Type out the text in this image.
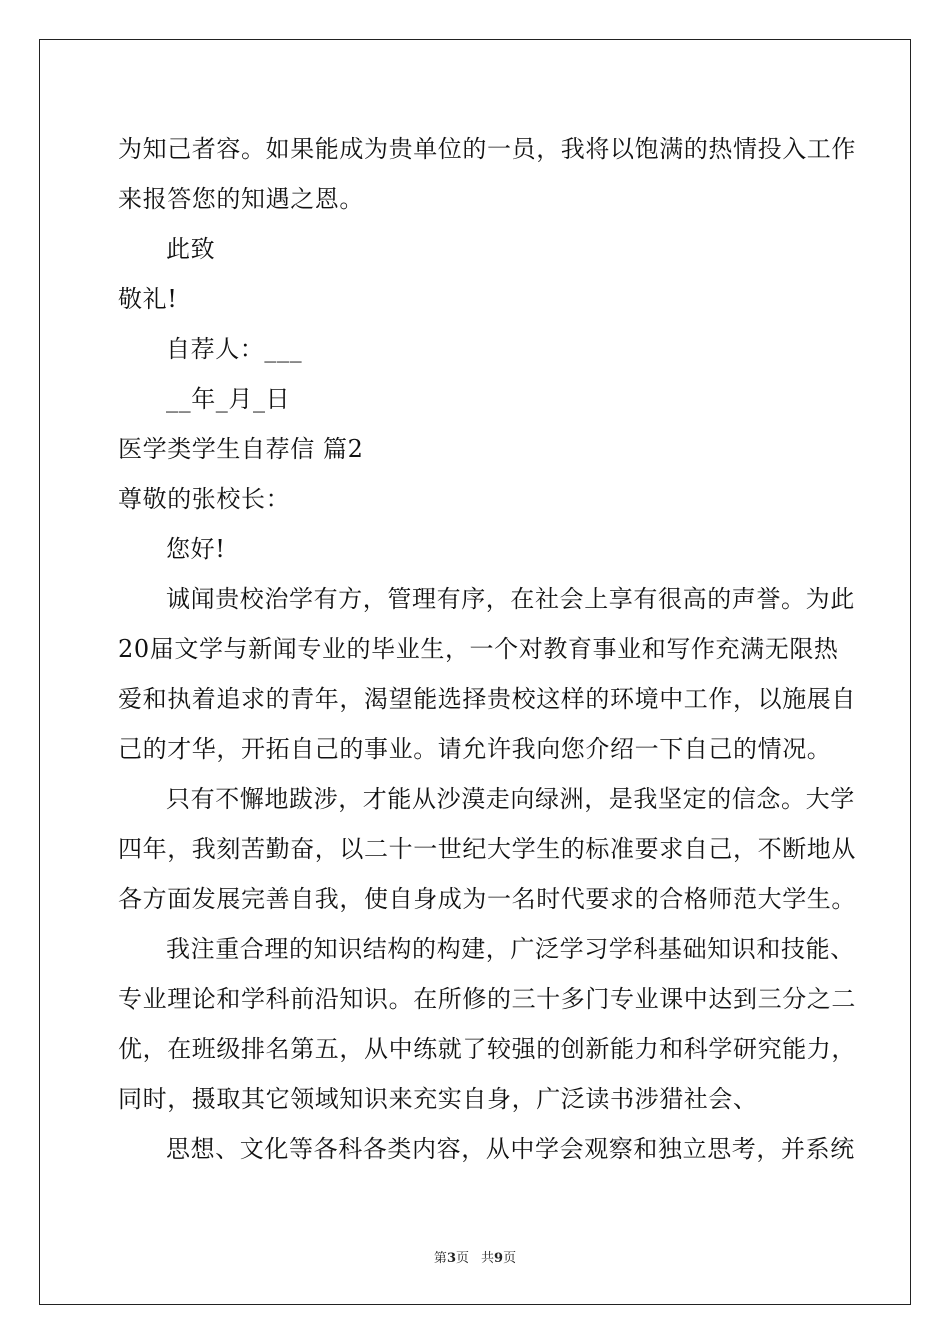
为知己者容。如果能成为贵单位的一员，我将以饱满的热情投入工作
来报答您的知遇之恩。
此致
敬礼!
自荐人：___
__年_月_日
医学类学生自荐信 篇2
尊敬的张校长：
您好!
诚闻贵校治学有方，管理有序，在社会上享有很高的声誉。为此
20届文学与新闻专业的毕业生，一个对教育事业和写作充满无限热
爱和执着追求的青年，渴望能选择贵校这样的环境中工作，以施展自
己的才华，开拓自己的事业。请允许我向您介绍一下自己的情况。
只有不懈地跋涉，才能从沙漠走向绿洲，是我坚定的信念。大学
四年，我刻苦勤奋，以二十一世纪大学生的标准要求自己，不断地从
各方面发展完善自我，使自身成为一名时代要求的合格师范大学生。
我注重合理的知识结构的构建，广泛学习学科基础知识和技能、
专业理论和学科前沿知识。在所修的三十多门专业课中达到三分之二
优，在班级排名第五，从中练就了较强的创新能力和科学研究能力，
同时，摄取其它领域知识来充实自身，广泛读书涉猎社会、
思想、文化等各科各类内容，从中学会观察和独立思考，并系统
第3页 共9页
